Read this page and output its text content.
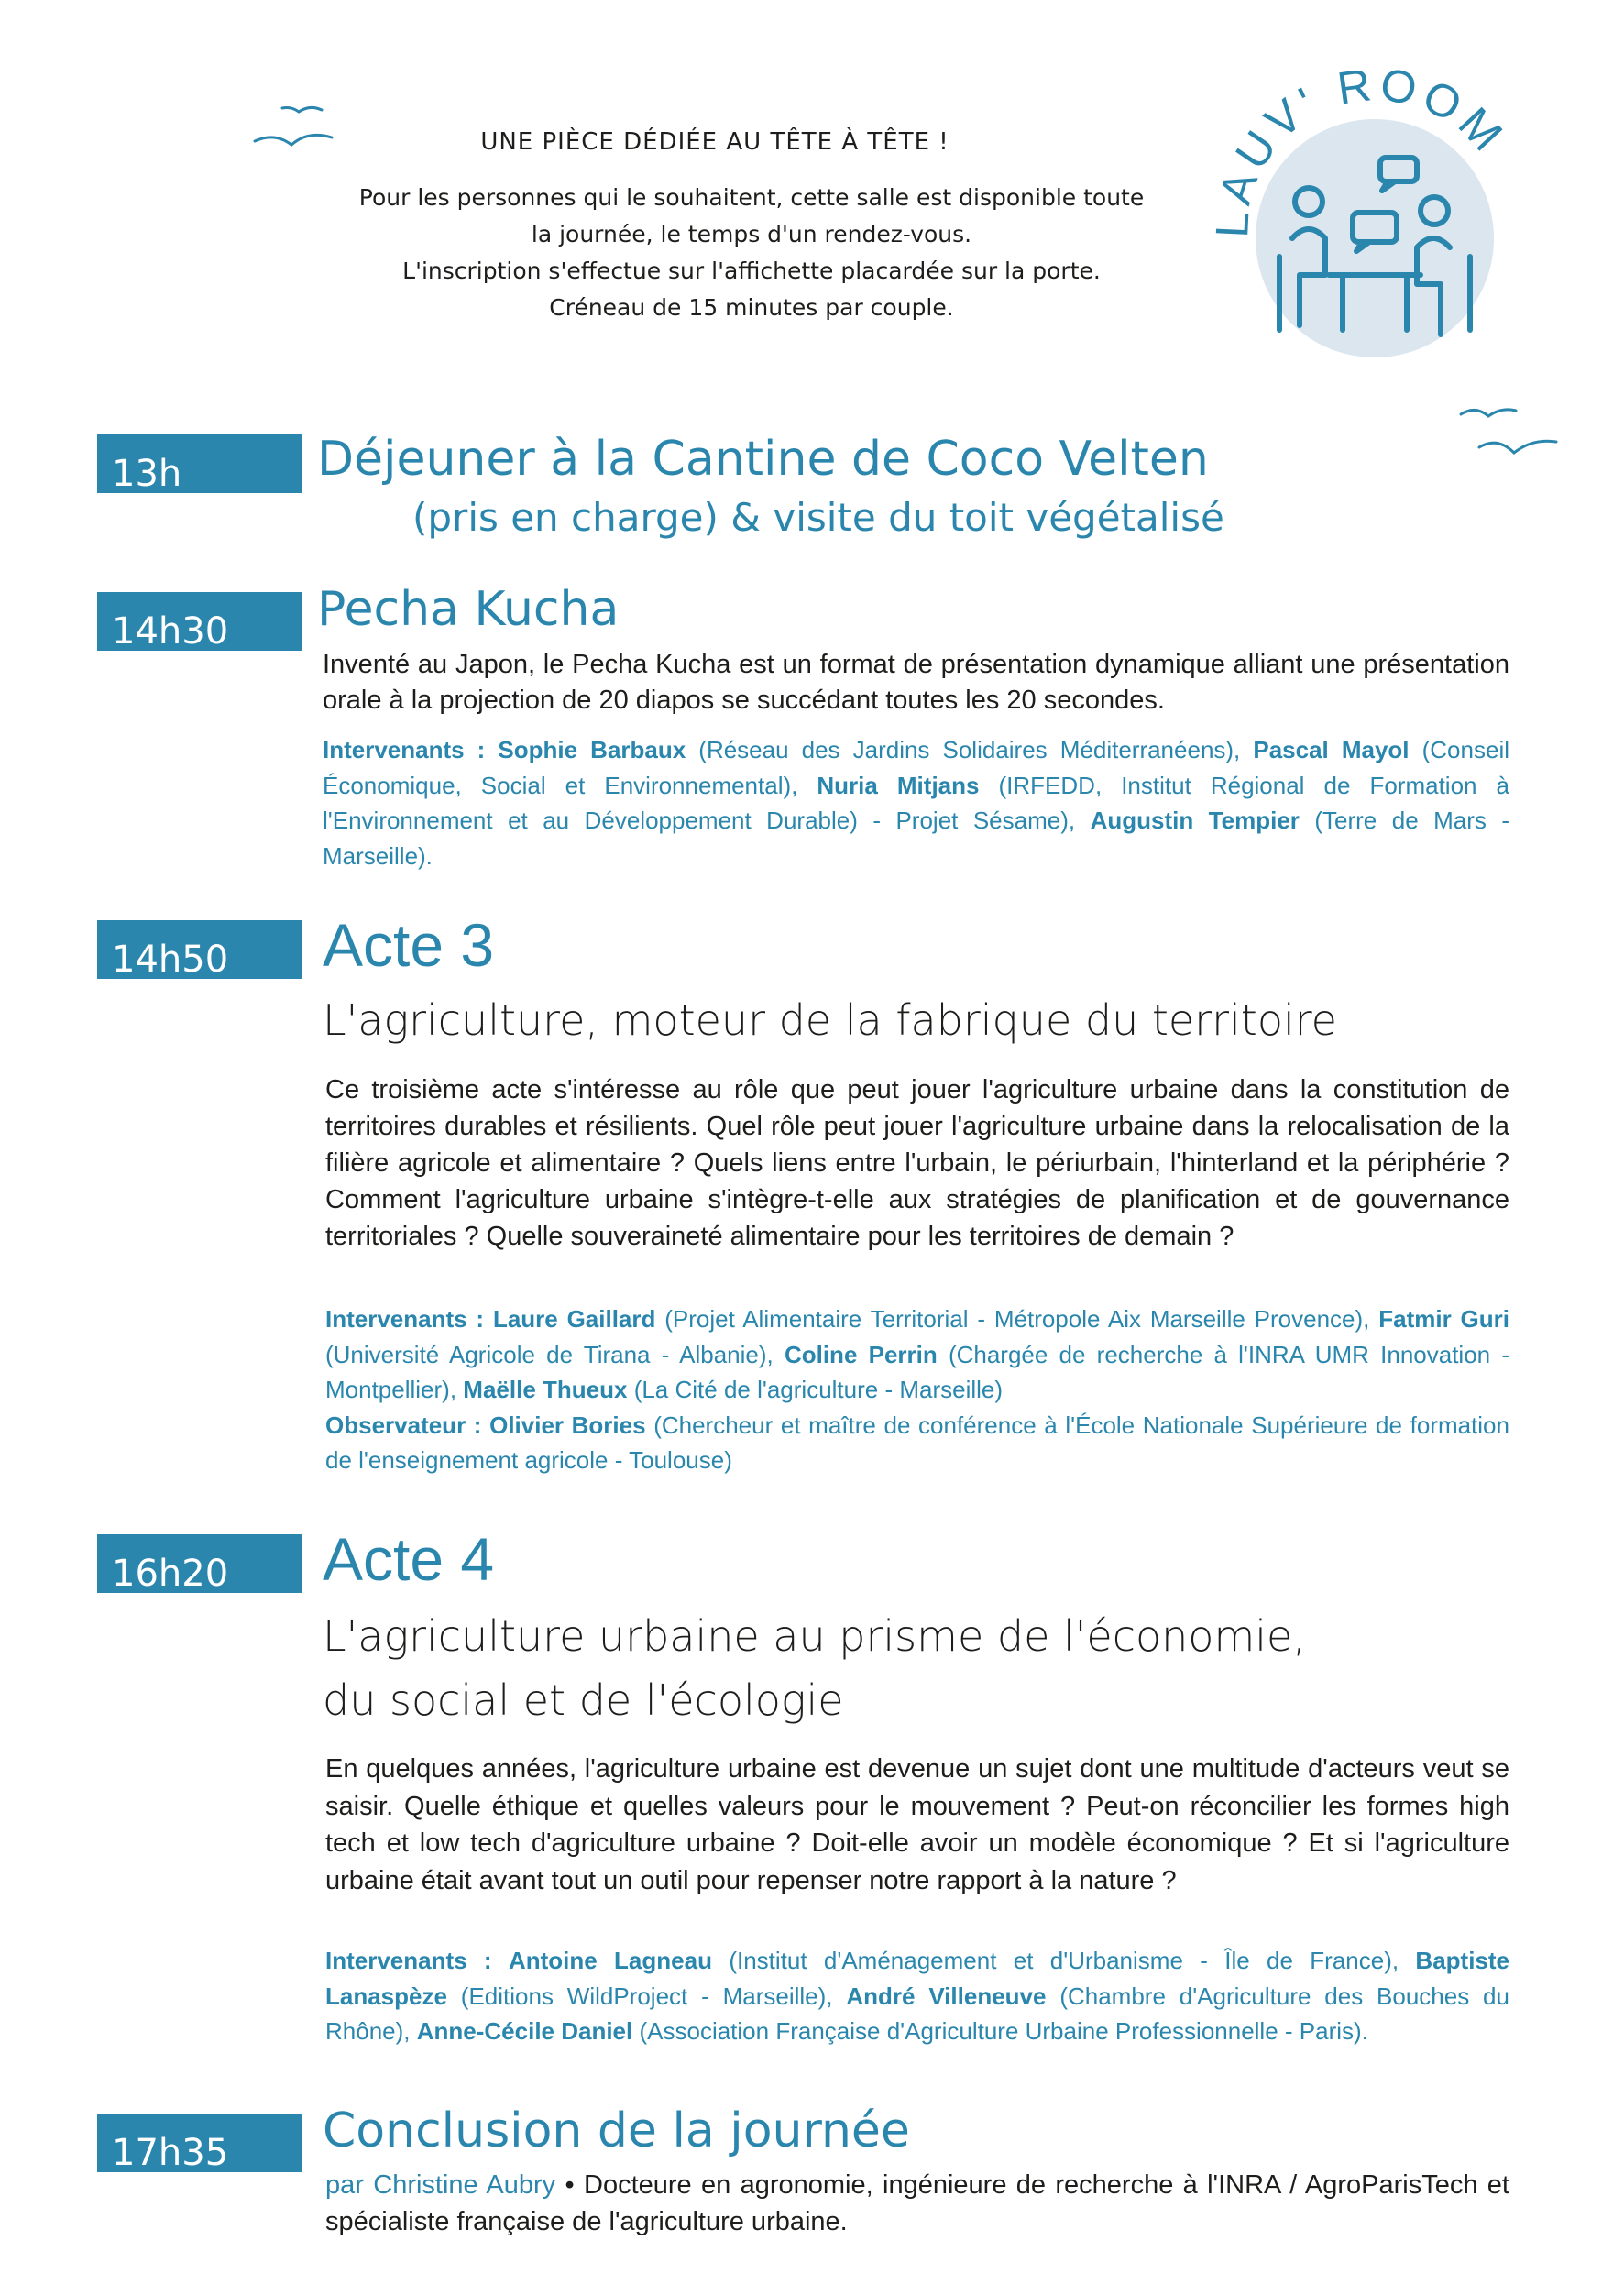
UNE PIÈCE DÉDIÉE AU TÊTE À TÊTE !
Pour les personnes qui le souhaitent, cette salle est disponible toute
la journée, le temps d'un rendez-vous.
L'inscription s'effectue sur l'affichette placardée sur la porte.
Créneau de 15 minutes par couple.
LAUV' ROOM
13h	Déjeuner à la Cantine de Coco Velten
(pris en charge) & visite du toit végétalisé
14h30	Pecha Kucha
Inventé au Japon, le Pecha Kucha est un format de présentation dynamique alliant une présentation orale à la projection de 20 diapos se succédant toutes les 20 secondes.
Intervenants : Sophie Barbaux (Réseau des Jardins Solidaires Méditerranéens), Pascal Mayol (Conseil Économique, Social et Environnemental), Nuria Mitjans (IRFEDD, Institut Régional de Formation à l'Environnement et au Développement Durable) - Projet Sésame), Augustin Tempier (Terre de Mars - Marseille).
14h50	Acte 3
L'agriculture, moteur de la fabrique du territoire
Ce troisième acte s'intéresse au rôle que peut jouer l'agriculture urbaine dans la constitution de territoires durables et résilients. Quel rôle peut jouer l'agriculture urbaine dans la relocalisation de la filière agricole et alimentaire ? Quels liens entre l'urbain, le périurbain, l'hinterland et la périphérie ? Comment l'agriculture urbaine s'intègre-t-elle aux stratégies de planification et de gouvernance territoriales ? Quelle souveraineté alimentaire pour les territoires de demain ?
Intervenants : Laure Gaillard (Projet Alimentaire Territorial - Métropole Aix Marseille Provence), Fatmir Guri (Université Agricole de Tirana - Albanie), Coline Perrin (Chargée de recherche à l'INRA UMR Innovation - Montpellier), Maëlle Thueux (La Cité de l'agriculture - Marseille)
Observateur : Olivier Bories (Chercheur et maître de conférence à l'École Nationale Supérieure de formation de l'enseignement agricole - Toulouse)
16h20	Acte 4
L'agriculture urbaine au prisme de l'économie,
du social et de l'écologie
En quelques années, l'agriculture urbaine est devenue un sujet dont une multitude d'acteurs veut se saisir. Quelle éthique et quelles valeurs pour le mouvement ? Peut-on réconcilier les formes high tech et low tech d'agriculture urbaine ? Doit-elle avoir un modèle économique ? Et si l'agriculture urbaine était avant tout un outil pour repenser notre rapport à la nature ?
Intervenants : Antoine Lagneau (Institut d'Aménagement et d'Urbanisme - Île de France), Baptiste Lanaspèze (Editions WildProject - Marseille), André Villeneuve (Chambre d'Agriculture des Bouches du Rhône), Anne-Cécile Daniel (Association Française d'Agriculture Urbaine Professionnelle - Paris).
17h35	Conclusion de la journée
par Christine Aubry • Docteure en agronomie, ingénieure de recherche à l'INRA / AgroParisTech et spécialiste française de l'agriculture urbaine.
